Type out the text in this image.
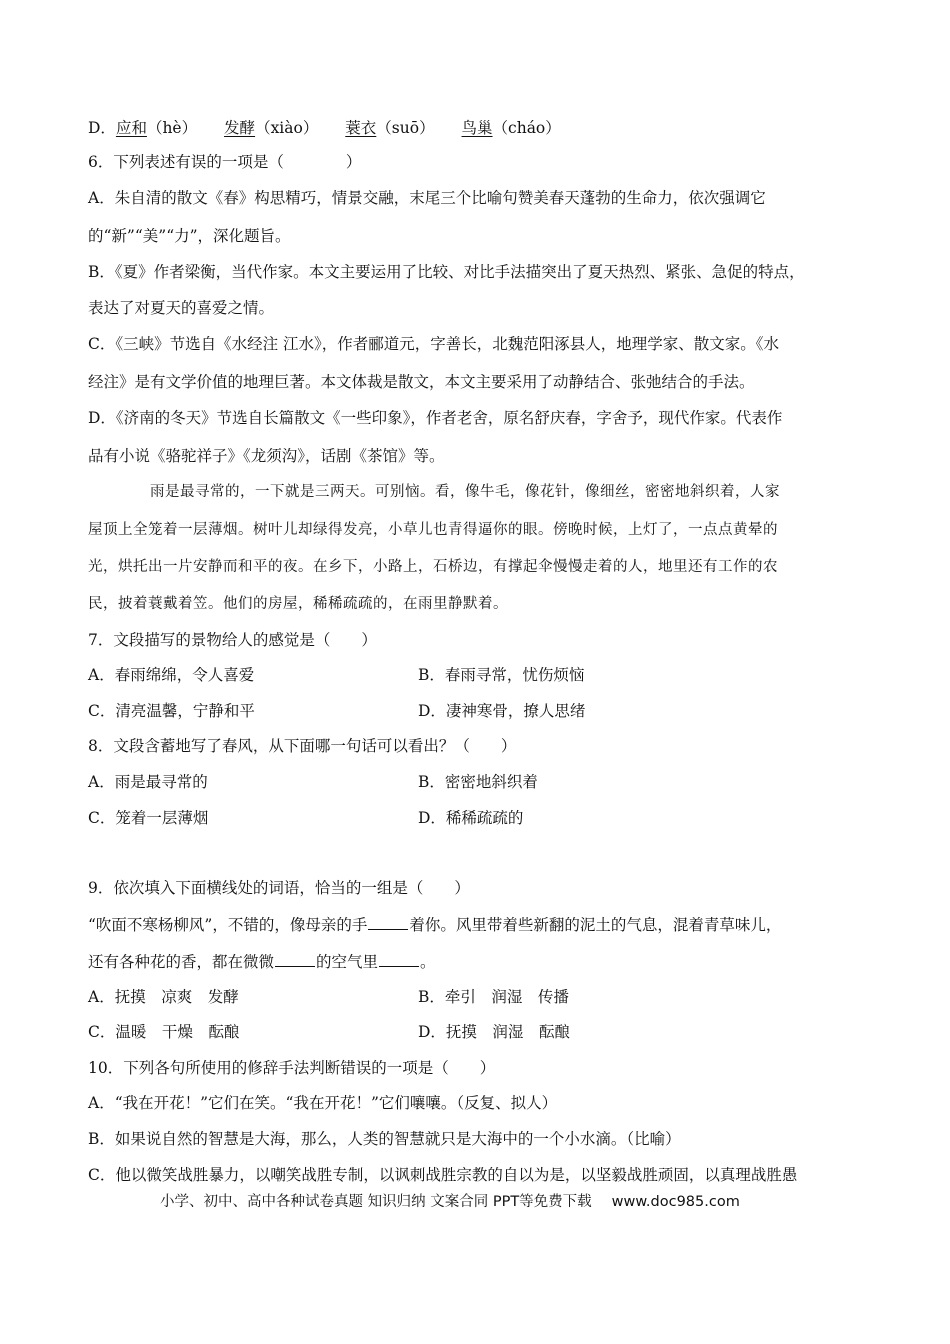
D．应和（hè） 发酵（xiào） 蓑衣（suō） 鸟巢（cháo）
6．下列表述有误的一项是（　　　　）
A．朱自清的散文《春》构思精巧，情景交融，末尾三个比喻句赞美春天蓬勃的生命力，依次强调它
的“新”“美”“力”，深化题旨。
B．《夏》作者梁衡，当代作家。本文主要运用了比较、对比手法描突出了夏天热烈、紧张、急促的特点，
表达了对夏天的喜爱之情。
C．《三峡》节选自《水经注 江水》，作者郦道元，字善长，北魏范阳涿县人，地理学家、散文家。《水
经注》是有文学价值的地理巨著。本文体裁是散文，本文主要采用了动静结合、张弛结合的手法。
D．《济南的冬天》节选自长篇散文《一些印象》，作者老舍，原名舒庆春，字舍予，现代作家。代表作
品有小说《骆驼祥子》《龙须沟》，话剧《茶馆》等。
雨是最寻常的，一下就是三两天。可别恼。看，像牛毛，像花针，像细丝，密密地斜织着，人家
屋顶上全笼着一层薄烟。树叶儿却绿得发亮，小草儿也青得逼你的眼。傍晚时候，上灯了，一点点黄晕的
光，烘托出一片安静而和平的夜。在乡下，小路上，石桥边，有撑起伞慢慢走着的人，地里还有工作的农
民，披着蓑戴着笠。他们的房屋，稀稀疏疏的，在雨里静默着。
7．文段描写的景物给人的感觉是（　　）
A．春雨绵绵，令人喜爱	B．春雨寻常，忧伤烦恼
C．清亮温馨，宁静和平	D．凄神寒骨，撩人思绪
8．文段含蓄地写了春风，从下面哪一句话可以看出？（　　）
A．雨是最寻常的	B．密密地斜织着
C．笼着一层薄烟	D．稀稀疏疏的
9．依次填入下面横线处的词语，恰当的一组是（　　）
“吹面不寒杨柳风”，不错的，像母亲的手	着你。风里带着些新翻的泥土的气息，混着青草味儿，
还有各种花的香，都在微微	的空气里	。
A．抚摸　凉爽　发酵	B．牵引　润湿　传播
C．温暖　干燥　酝酿	D．抚摸　润湿　酝酿
10．下列各句所使用的修辞手法判断错误的一项是（　　）
A．“我在开花！”它们在笑。“我在开花！”它们嚷嚷。（反复、拟人）
B．如果说自然的智慧是大海，那么，人类的智慧就只是大海中的一个小水滴。（比喻）
C．他以微笑战胜暴力，以嘲笑战胜专制，以讽刺战胜宗教的自以为是，以坚毅战胜顽固，以真理战胜愚
小学、初中、高中各种试卷真题 知识归纳 文案合同 PPT等免费下载 www.doc985.com
